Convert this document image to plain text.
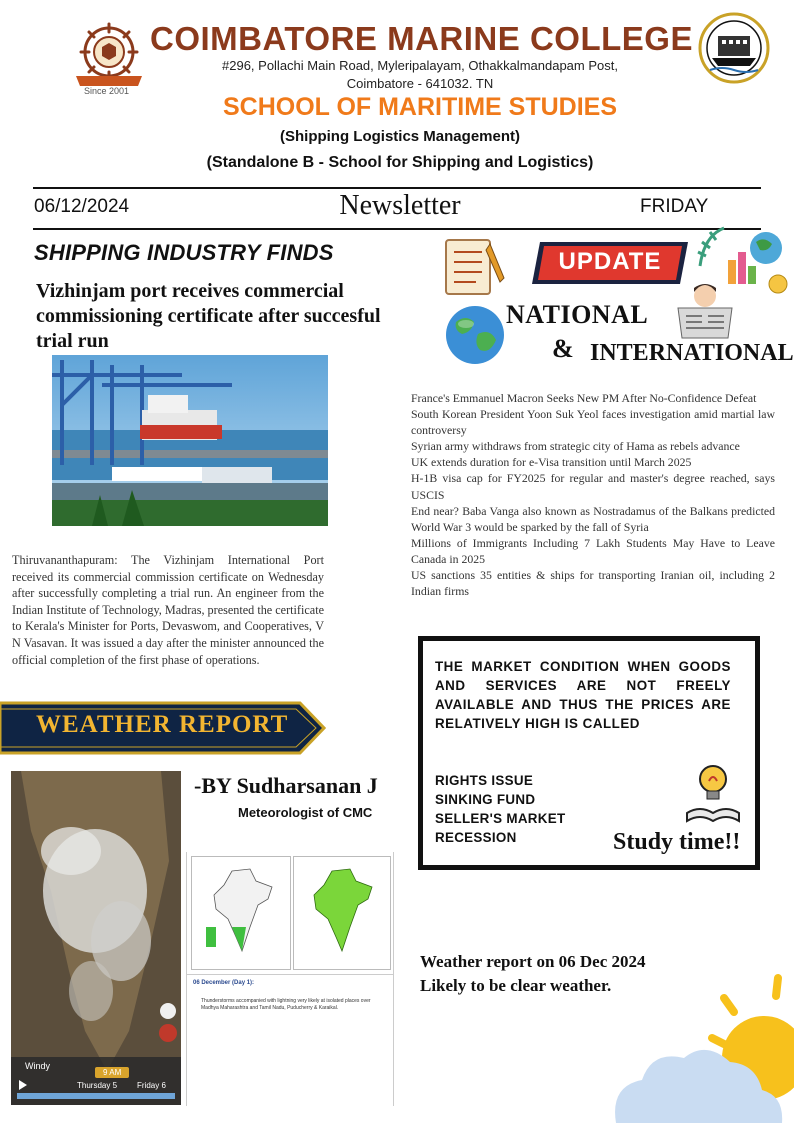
Since 2001
COIMBATORE MARINE COLLEGE
#296, Pollachi Main Road, Myleripalayam, Othakkalmandapam Post,
Coimbatore - 641032. TN
SCHOOL OF MARITIME STUDIES
(Shipping Logistics Management)
(Standalone B - School for Shipping and Logistics)
06/12/2024	Newsletter	FRIDAY
SHIPPING INDUSTRY FINDS
Vizhinjam port receives commercial commissioning certificate after succesful trial run
Thiruvananthapuram: The Vizhinjam International Port received its commercial commission certificate on Wednesday after successfully completing a trial run. An engineer from the Indian Institute of Technology, Madras, presented the certificate to Kerala's Minister for Ports, Devaswom, and Cooperatives, V N Vasavan. It was issued a day after the minister announced the official completion of the first phase of operations.
UPDATE
NATIONAL
& INTERNATIONAL
France's Emmanuel Macron Seeks New PM After No-Confidence Defeat
South Korean President Yoon Suk Yeol faces investigation amid martial law controversy
Syrian army withdraws from strategic city of Hama as rebels advance
UK extends duration for e-Visa transition until March 2025
H-1B visa cap for FY2025 for regular and master's degree reached, says USCIS
End near? Baba Vanga also known as Nostradamus of the Balkans predicted World War 3 would be sparked by the fall of Syria
Millions of Immigrants Including 7 Lakh Students May Have to Leave Canada in 2025
US sanctions 35 entities & ships for transporting Iranian oil, including 2 Indian firms
THE MARKET CONDITION WHEN GOODS AND SERVICES ARE NOT FREELY AVAILABLE AND THUS THE PRICES ARE RELATIVELY HIGH IS CALLED
RIGHTS ISSUE
SINKING FUND
SELLER'S MARKET
RECESSION	Study time!!
WEATHER REPORT
Windy
9 AM
Thursday 5 Friday 6
-BY Sudharsanan J
Meteorologist of CMC
06 December (Day 1):
Thunderstorms accompanied with lightning very likely at isolated places over Madhya Maharashtra and Tamil Nadu, Puducherry & Karaikal.
Weather report on 06 Dec 2024
Likely to be clear weather.
